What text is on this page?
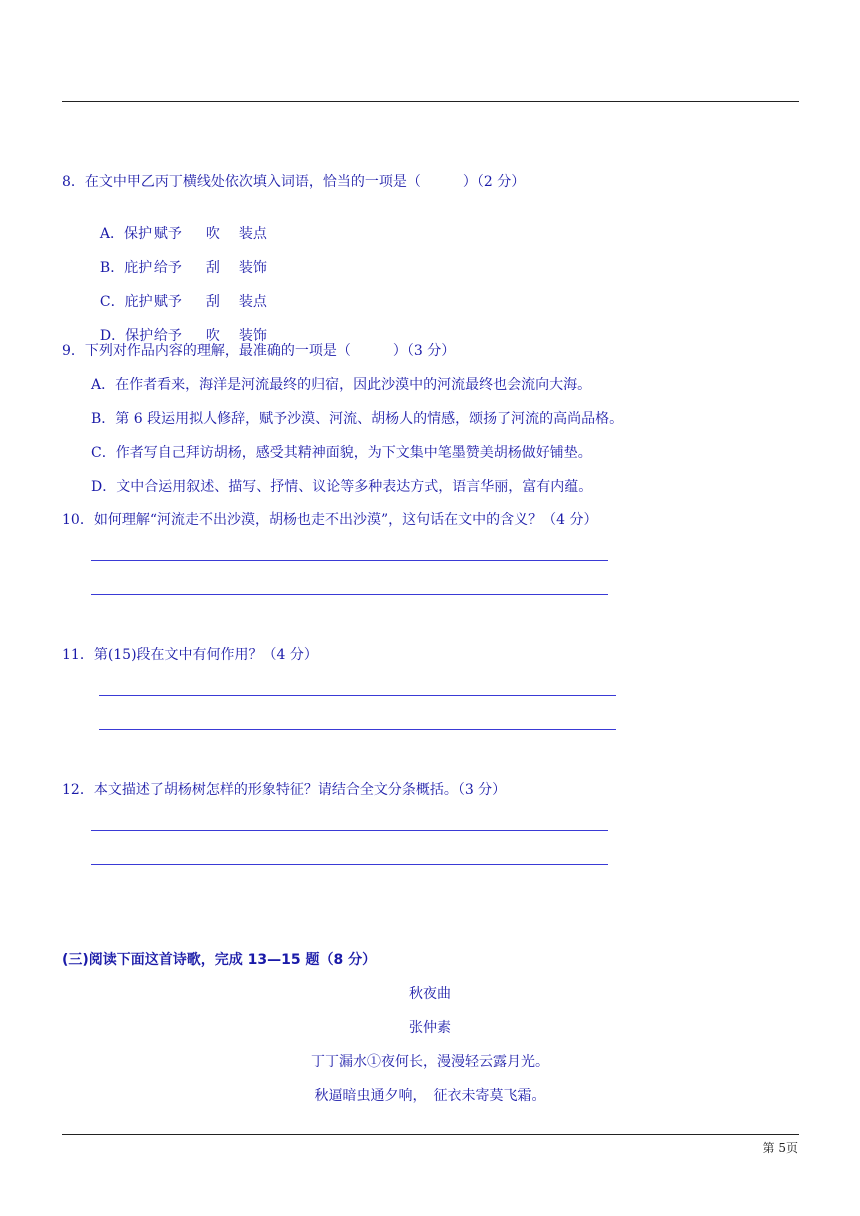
8．在文中甲乙丙丁横线处依次填入词语，恰当的一项是（　　　）（2 分）

A．保护 赋予 吹 装点

B．庇护 给予 刮 装饰

C．庇护赋予 刮 装点

D．保护给予 吹 装饰

9．下列对作品内容的理解，最准确的一项是（　　　）（3 分）
A．在作者看来，海洋是河流最终的归宿，因此沙漠中的河流最终也会流向大海。
B．第 6 段运用拟人修辞，赋予沙漠、河流、胡杨人的情感，颂扬了河流的高尚品格。
C．作者写自己拜访胡杨，感受其精神面貌，为下文集中笔墨赞美胡杨做好铺垫。
D．文中合运用叙述、描写、抒情、议论等多种表达方式，语言华丽，富有内蕴。
10．如何理解“河流走不出沙漠，胡杨也走不出沙漠”，这句话在文中的含义？（4 分）
11．第(15)段在文中有何作用？（4 分）
12．本文描述了胡杨树怎样的形象特征？请结合全文分条概括。（3 分）
(三)阅读下面这首诗歌，完成 13—15 题（8 分）
秋夜曲
张仲素
丁丁漏水①夜何长，漫漫轻云露月光。
秋逼暗虫通夕响，　征衣未寄莫飞霜。
第 5页
